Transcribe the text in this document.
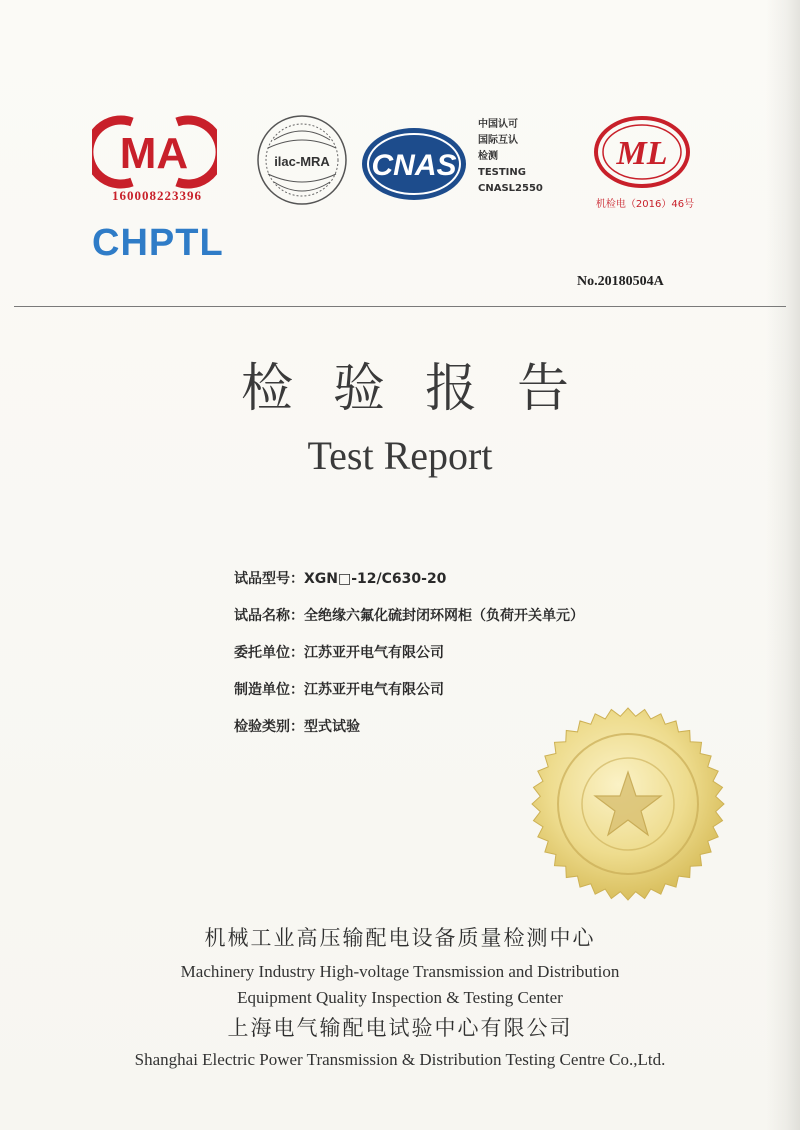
MA
160008223396
CHPTL
ilac-MRA CNAS
中国认可
国际互认
检测
TESTING
CNASL2550
ML
机检电（2016）46号
No.20180504A
检验报告
Test Report
试品型号：XGN□-12/C630-20
试品名称：全绝缘六氟化硫封闭环网柜（负荷开关单元）
委托单位：江苏亚开电气有限公司
制造单位：江苏亚开电气有限公司
检验类别：型式试验
机械工业高压输配电设备质量检测中心
Machinery Industry High-voltage Transmission and Distribution
Equipment Quality Inspection & Testing Center
上海电气输配电试验中心有限公司
Shanghai Electric Power Transmission & Distribution Testing Centre Co.,Ltd.
